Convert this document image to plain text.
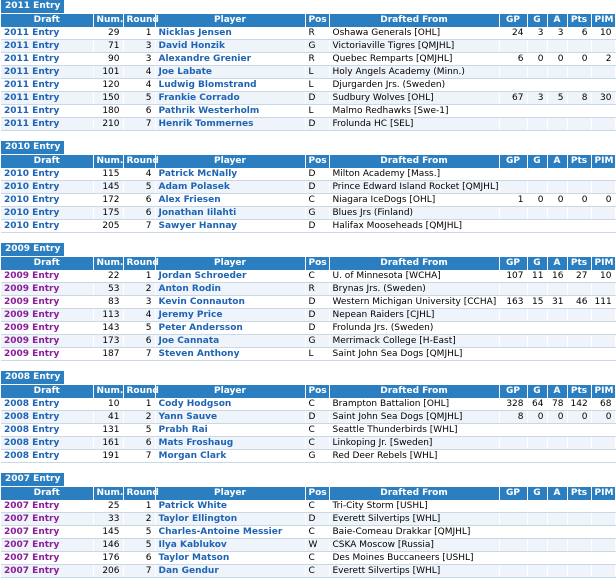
2011 Entry
Draft	Num.	Round	Player	Pos	Drafted From	GP	G	A	Pts	PIM
2011 Entry	29	1	Nicklas Jensen	R	Oshawa Generals [OHL]	24	3	3	6	10
2011 Entry	71	3	David Honzik	G	Victoriaville Tigres [QMJHL]					
2011 Entry	90	3	Alexandre Grenier	R	Quebec Remparts [QMJHL]	6	0	0	0	2
2011 Entry	101	4	Joe Labate	L	Holy Angels Academy (Minn.)					
2011 Entry	120	4	Ludwig Blomstrand	L	Djurgarden Jrs. (Sweden)					
2011 Entry	150	5	Frankie Corrado	D	Sudbury Wolves [OHL]	67	3	5	8	30
2011 Entry	180	6	Pathrik Westerholm	L	Malmo Redhawks [Swe-1]					
2011 Entry	210	7	Henrik Tommernes	D	Frolunda HC [SEL]					
2010 Entry
Draft	Num.	Round	Player	Pos	Drafted From	GP	G	A	Pts	PIM
2010 Entry	115	4	Patrick McNally	D	Milton Academy [Mass.]					
2010 Entry	145	5	Adam Polasek	D	Prince Edward Island Rocket [QMJHL]					
2010 Entry	172	6	Alex Friesen	C	Niagara IceDogs [OHL]	1	0	0	0	0
2010 Entry	175	6	Jonathan Iilahti	G	Blues Jrs (Finland)					
2010 Entry	205	7	Sawyer Hannay	D	Halifax Mooseheads [QMJHL]					
2009 Entry
Draft	Num.	Round	Player	Pos	Drafted From	GP	G	A	Pts	PIM
2009 Entry	22	1	Jordan Schroeder	C	U. of Minnesota [WCHA]	107	11	16	27	10
2009 Entry	53	2	Anton Rodin	R	Brynas Jrs. (Sweden)					
2009 Entry	83	3	Kevin Connauton	D	Western Michigan University [CCHA]	163	15	31	46	111
2009 Entry	113	4	Jeremy Price	D	Nepean Raiders [CJHL]					
2009 Entry	143	5	Peter Andersson	D	Frolunda Jrs. (Sweden)					
2009 Entry	173	6	Joe Cannata	G	Merrimack College [H-East]					
2009 Entry	187	7	Steven Anthony	L	Saint John Sea Dogs [QMJHL]					
2008 Entry
Draft	Num.	Round	Player	Pos	Drafted From	GP	G	A	Pts	PIM
2008 Entry	10	1	Cody Hodgson	C	Brampton Battalion [OHL]	328	64	78	142	68
2008 Entry	41	2	Yann Sauve	D	Saint John Sea Dogs [QMJHL]	8	0	0	0	0
2008 Entry	131	5	Prabh Rai	C	Seattle Thunderbirds [WHL]					
2008 Entry	161	6	Mats Froshaug	C	Linkoping Jr. [Sweden]					
2008 Entry	191	7	Morgan Clark	G	Red Deer Rebels [WHL]					
2007 Entry
Draft	Num.	Round	Player	Pos	Drafted From	GP	G	A	Pts	PIM
2007 Entry	25	1	Patrick White	C	Tri-City Storm [USHL]					
2007 Entry	33	2	Taylor Ellington	D	Everett Silvertips [WHL]					
2007 Entry	145	5	Charles-Antoine Messier	C	Baie-Comeau Drakkar [QMJHL]					
2007 Entry	146	5	Ilya Kablukov	W	CSKA Moscow [Russia]					
2007 Entry	176	6	Taylor Matson	C	Des Moines Buccaneers [USHL]					
2007 Entry	206	7	Dan Gendur	C	Everett Silvertips [WHL]					
